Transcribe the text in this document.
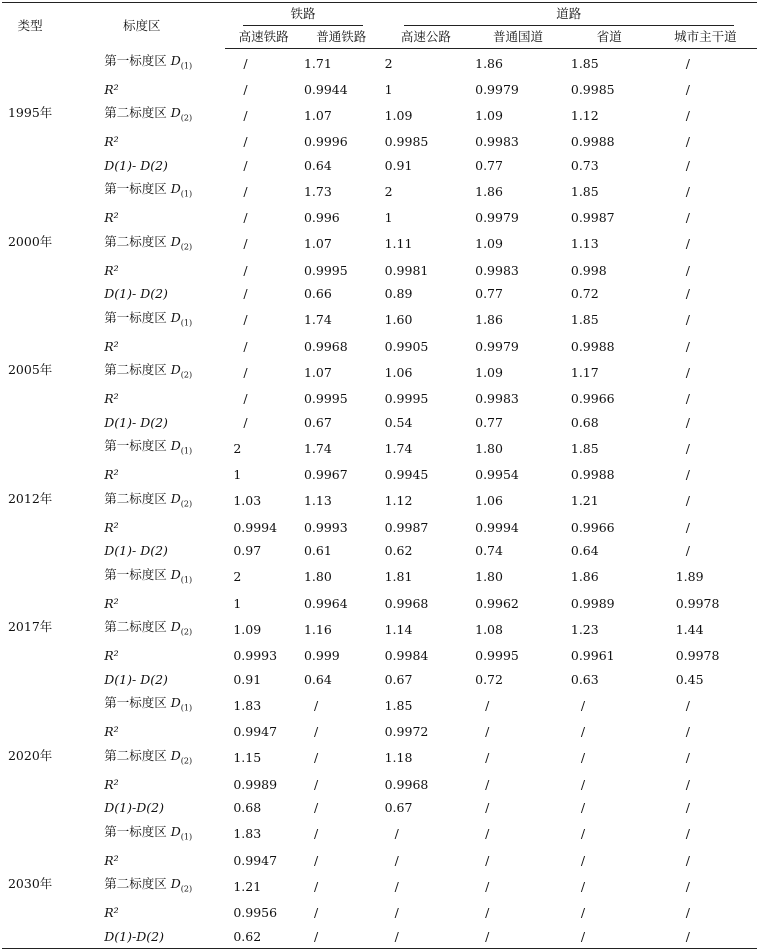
类型	标度区	铁路		道路			

		高速铁路	普通铁路	高速公路	普通国道	省道	城市主干道
1995年	第一标度区 $D_{(1)}$	/	1.71	2	1.86	1.85	/
	R²	/	0.9944	1	0.9979	0.9985	/
	第二标度区 $D_{(2)}$	/	1.07	1.09	1.09	1.12	/
	R²	/	0.9996	0.9985	0.9983	0.9988	/
	D(1)- D(2)	/	0.64	0.91	0.77	0.73	/
2000年	第一标度区 $D_{(1)}$	/	1.73	2	1.86	1.85	/
	R²	/	0.996	1	0.9979	0.9987	/
	第二标度区 $D_{(2)}$	/	1.07	1.11	1.09	1.13	/
	R²	/	0.9995	0.9981	0.9983	0.998	/
	D(1)- D(2)	/	0.66	0.89	0.77	0.72	/
2005年	第一标度区 $D_{(1)}$	/	1.74	1.60	1.86	1.85	/
	R²	/	0.9968	0.9905	0.9979	0.9988	/
	第二标度区 $D_{(2)}$	/	1.07	1.06	1.09	1.17	/
	R²	/	0.9995	0.9995	0.9983	0.9966	/
	D(1)- D(2)	/	0.67	0.54	0.77	0.68	/
2012年	第一标度区 $D_{(1)}$	2	1.74	1.74	1.80	1.85	/
	R²	1	0.9967	0.9945	0.9954	0.9988	/
	第二标度区 $D_{(2)}$	1.03	1.13	1.12	1.06	1.21	/
	R²	0.9994	0.9993	0.9987	0.9994	0.9966	/
	D(1)- D(2)	0.97	0.61	0.62	0.74	0.64	/
2017年	第一标度区 $D_{(1)}$	2	1.80	1.81	1.80	1.86	1.89
	R²	1	0.9964	0.9968	0.9962	0.9989	0.9978
	第二标度区 $D_{(2)}$	1.09	1.16	1.14	1.08	1.23	1.44
	R²	0.9993	0.999	0.9984	0.9995	0.9961	0.9978
	D(1)- D(2)	0.91	0.64	0.67	0.72	0.63	0.45
2020年	第一标度区 $D_{(1)}$	1.83	/	1.85	/	/	/
	R²	0.9947	/	0.9972	/	/	/
	第二标度区 $D_{(2)}$	1.15	/	1.18	/	/	/
	R²	0.9989	/	0.9968	/	/	/
	D(1)-D(2)	0.68	/	0.67	/	/	/
2030年	第一标度区 $D_{(1)}$	1.83	/	/	/	/	/
	R²	0.9947	/	/	/	/	/
	第二标度区 $D_{(2)}$	1.21	/	/	/	/	/
	R²	0.9956	/	/	/	/	/
	D(1)-D(2)	0.62	/	/	/	/	/
